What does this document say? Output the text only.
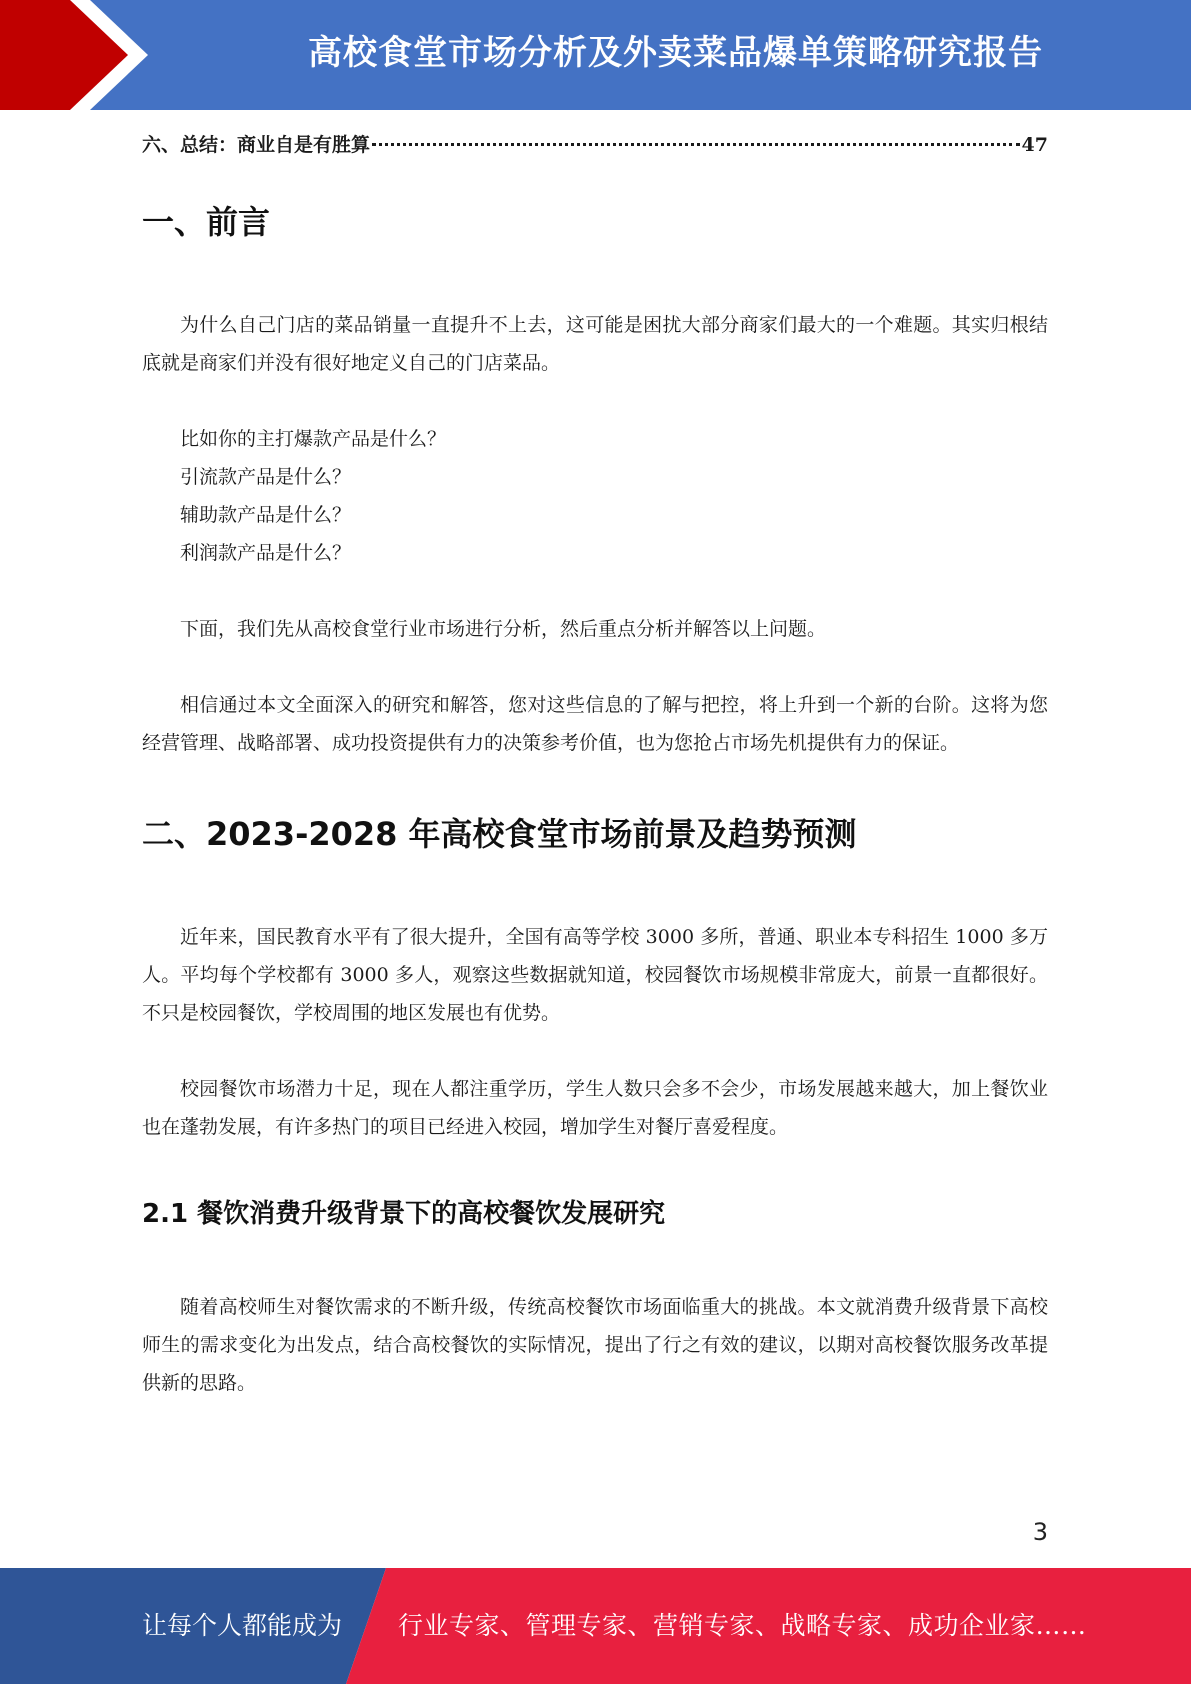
高校食堂市场分析及外卖菜品爆单策略研究报告
六、总结：商业自是有胜算	47
一、前言

为什么自己门店的菜品销量一直提升不上去，这可能是困扰大部分商家们最大的一个难题。其实归根结底就是商家们并没有很好地定义自己的门店菜品。

比如你的主打爆款产品是什么？
引流款产品是什么？
辅助款产品是什么？
利润款产品是什么？

下面，我们先从高校食堂行业市场进行分析，然后重点分析并解答以上问题。

相信通过本文全面深入的研究和解答，您对这些信息的了解与把控，将上升到一个新的台阶。这将为您经营管理、战略部署、成功投资提供有力的决策参考价值，也为您抢占市场先机提供有力的保证。

二、2023-2028 年高校食堂市场前景及趋势预测

近年来，国民教育水平有了很大提升，全国有高等学校 3000 多所，普通、职业本专科招生 1000 多万人。平均每个学校都有 3000 多人，观察这些数据就知道，校园餐饮市场规模非常庞大，前景一直都很好。不只是校园餐饮，学校周围的地区发展也有优势。

校园餐饮市场潜力十足，现在人都注重学历，学生人数只会多不会少，市场发展越来越大，加上餐饮业也在蓬勃发展，有许多热门的项目已经进入校园，增加学生对餐厅喜爱程度。

2.1 餐饮消费升级背景下的高校餐饮发展研究

随着高校师生对餐饮需求的不断升级，传统高校餐饮市场面临重大的挑战。本文就消费升级背景下高校师生的需求变化为出发点，结合高校餐饮的实际情况，提出了行之有效的建议，以期对高校餐饮服务改革提供新的思路。

3
让每个人都能成为 行业专家、管理专家、营销专家、战略专家、成功企业家……
